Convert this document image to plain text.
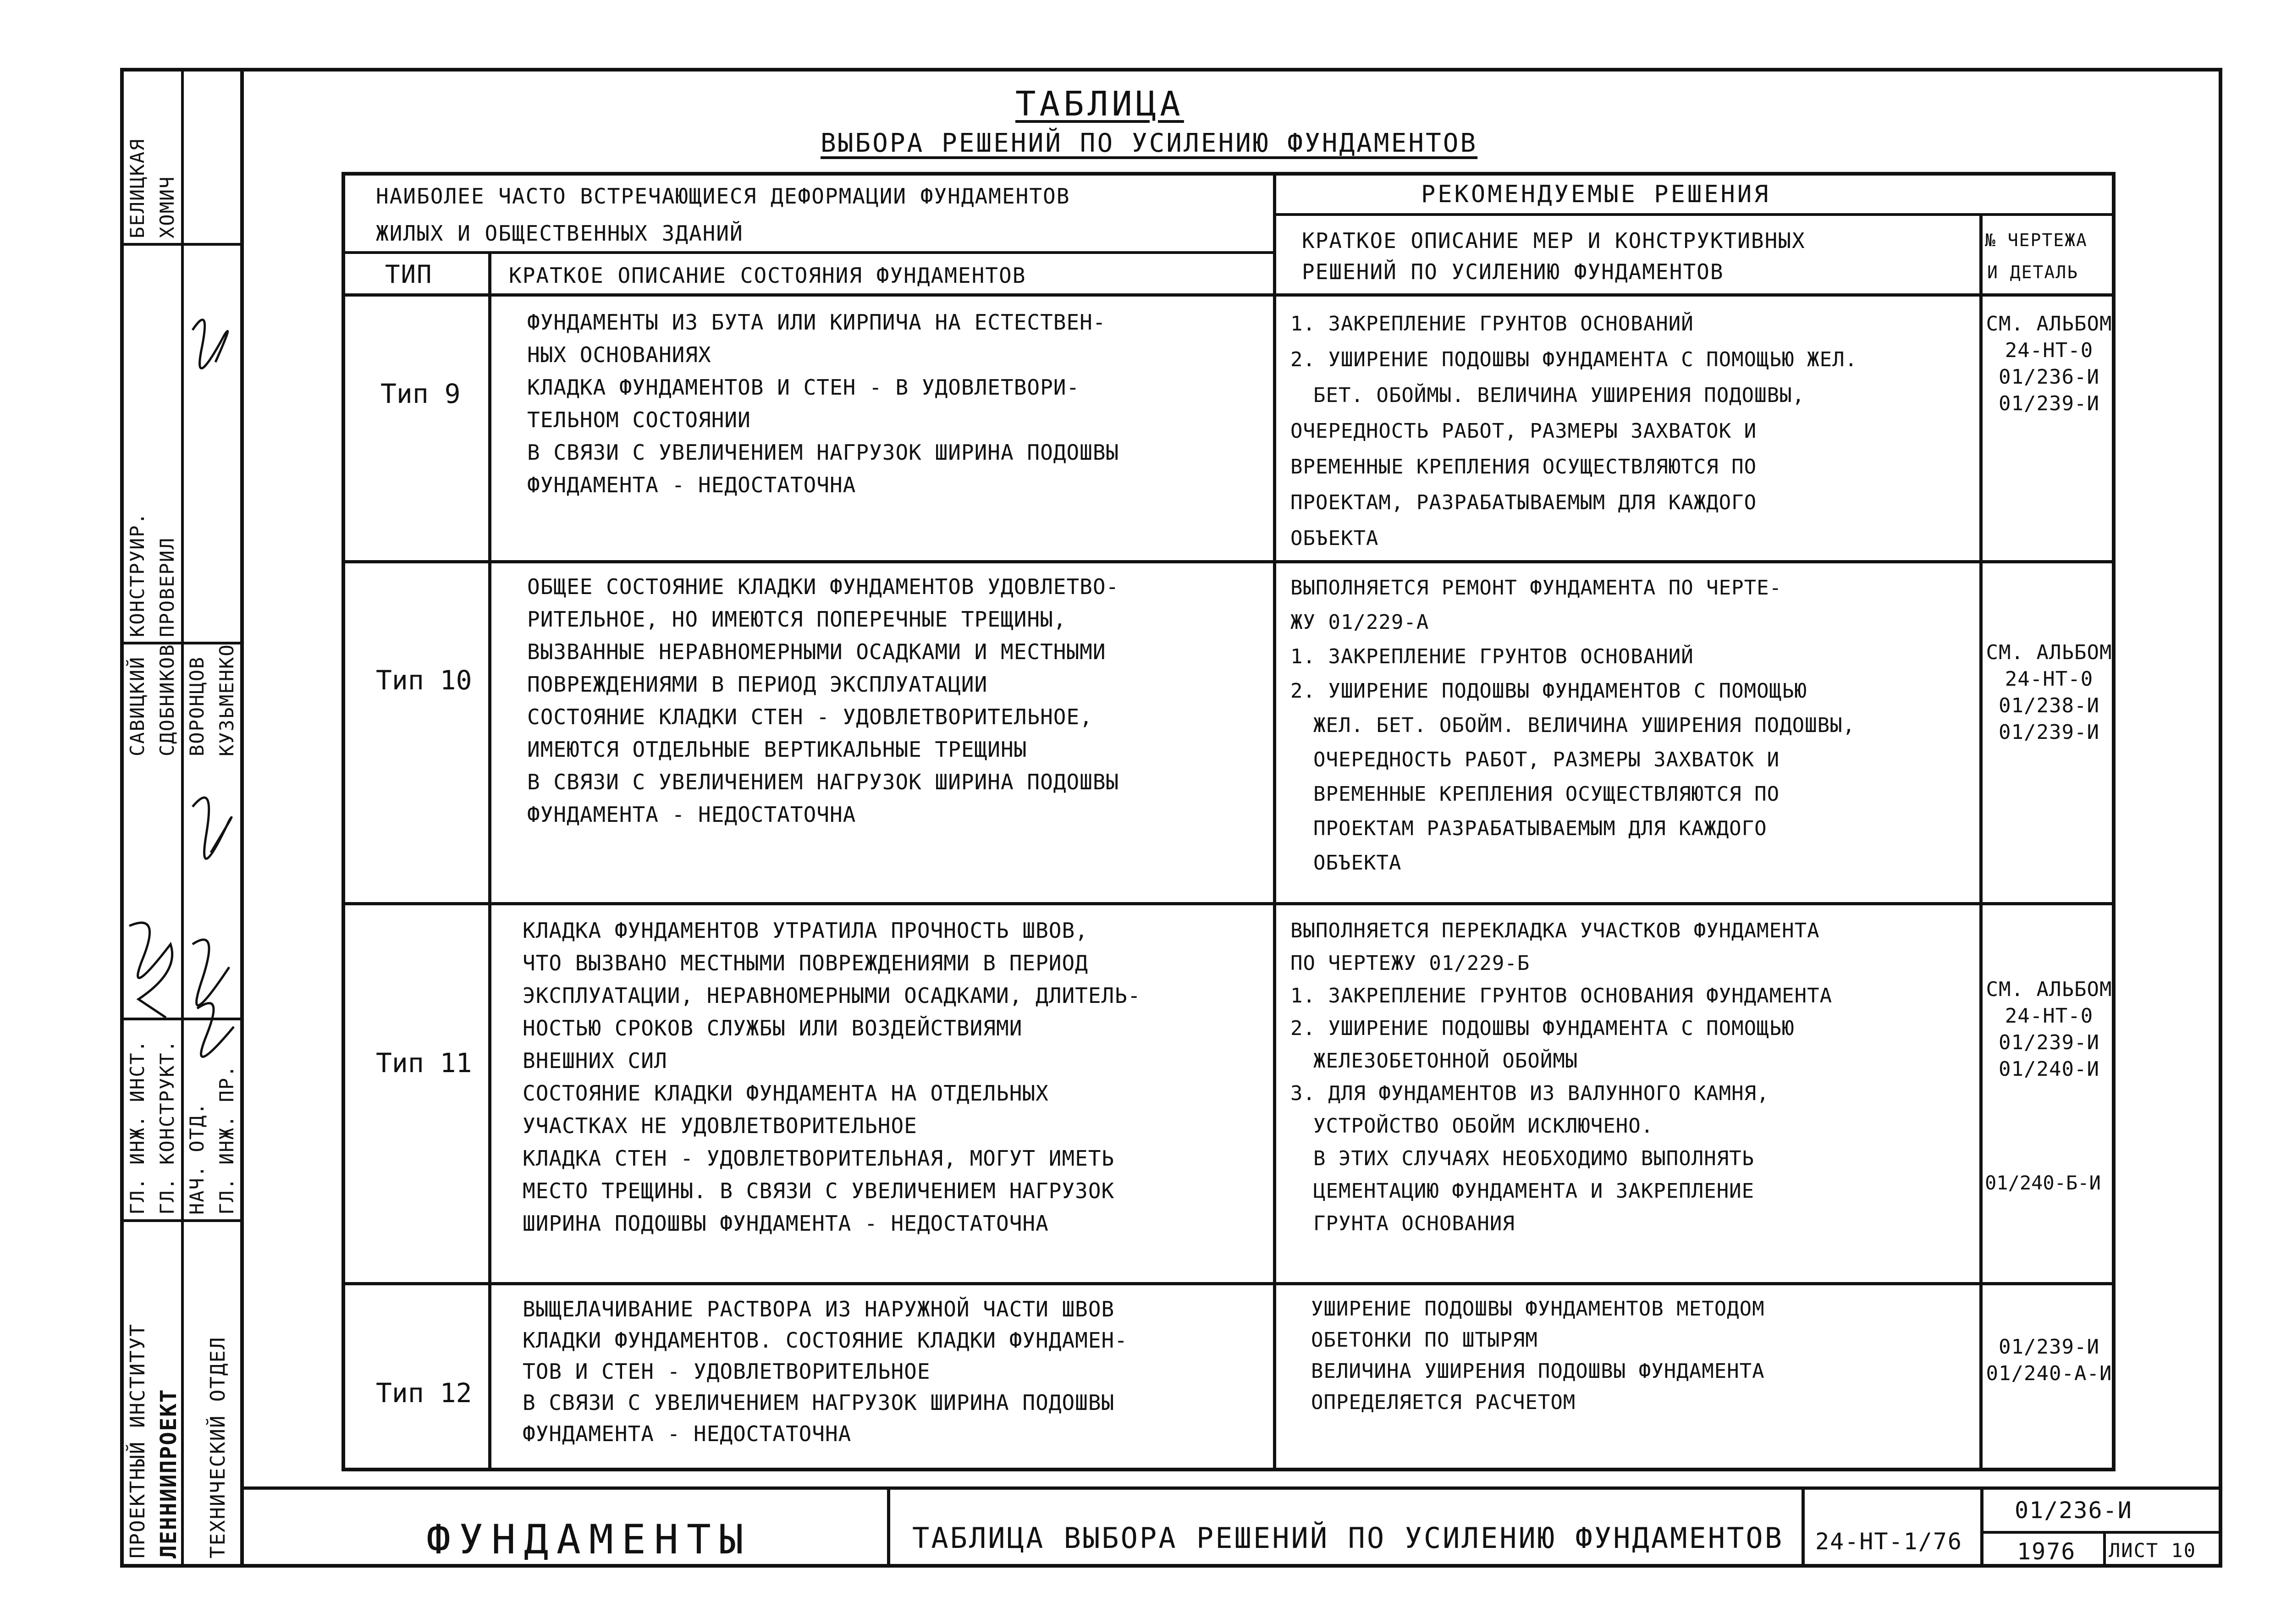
БЕЛИЦКАЯ ХОМИЧ
КОНСТРУИР. ПРОВЕРИЛ
САВИЦКИЙ СДОБНИКОВ ВОРОНЦОВ КУЗЬМЕНКО
ГЛ. ИНЖ. ИНСТ. ГЛ. КОНСТРУКТ. НАЧ. ОТД. ГЛ. ИНЖ. ПР.
ПРОЕКТНЫЙ ИНСТИТУТ ЛЕННИИПРОЕКТ ТЕХНИЧЕСКИЙ ОТДЕЛ
ТАБЛИЦА
ВЫБОРА РЕШЕНИЙ ПО УСИЛЕНИЮ ФУНДАМЕНТОВ
НАИБОЛЕЕ ЧАСТО ВСТРЕЧАЮЩИЕСЯ ДЕФОРМАЦИИ ФУНДАМЕНТОВ
ЖИЛЫХ И ОБЩЕСТВЕННЫХ ЗДАНИЙ
РЕКОМЕНДУЕМЫЕ РЕШЕНИЯ
ТИП	КРАТКОЕ ОПИСАНИЕ СОСТОЯНИЯ ФУНДАМЕНТОВ
КРАТКОЕ ОПИСАНИЕ МЕР И КОНСТРУКТИВНЫХ
РЕШЕНИЙ ПО УСИЛЕНИЮ ФУНДАМЕНТОВ
№ ЧЕРТЕЖА
И ДЕТАЛЬ
Тип 9
ФУНДАМЕНТЫ ИЗ БУТА ИЛИ КИРПИЧА НА ЕСТЕСТВЕН-
НЫХ ОСНОВАНИЯХ
КЛАДКА ФУНДАМЕНТОВ И СТЕН - В УДОВЛЕТВОРИ-
ТЕЛЬНОМ СОСТОЯНИИ
В СВЯЗИ С УВЕЛИЧЕНИЕМ НАГРУЗОК ШИРИНА ПОДОШВЫ
ФУНДАМЕНТА - НЕДОСТАТОЧНА
1. ЗАКРЕПЛЕНИЕ ГРУНТОВ ОСНОВАНИЙ
2. УШИРЕНИЕ ПОДОШВЫ ФУНДАМЕНТА С ПОМОЩЬЮ ЖЕЛ.
БЕТ. ОБОЙМЫ. ВЕЛИЧИНА УШИРЕНИЯ ПОДОШВЫ,
ОЧЕРЕДНОСТЬ РАБОТ, РАЗМЕРЫ ЗАХВАТОК И
ВРЕМЕННЫЕ КРЕПЛЕНИЯ ОСУЩЕСТВЛЯЮТСЯ ПО
ПРОЕКТАМ, РАЗРАБАТЫВАЕМЫМ ДЛЯ КАЖДОГО
ОБЪЕКТА
СМ. АЛЬБОМ
24-НТ-0
01/236-И
01/239-И
Тип 10
ОБЩЕЕ СОСТОЯНИЕ КЛАДКИ ФУНДАМЕНТОВ УДОВЛЕТВО-
РИТЕЛЬНОЕ, НО ИМЕЮТСЯ ПОПЕРЕЧНЫЕ ТРЕЩИНЫ,
ВЫЗВАННЫЕ НЕРАВНОМЕРНЫМИ ОСАДКАМИ И МЕСТНЫМИ
ПОВРЕЖДЕНИЯМИ В ПЕРИОД ЭКСПЛУАТАЦИИ
СОСТОЯНИЕ КЛАДКИ СТЕН - УДОВЛЕТВОРИТЕЛЬНОЕ,
ИМЕЮТСЯ ОТДЕЛЬНЫЕ ВЕРТИКАЛЬНЫЕ ТРЕЩИНЫ
В СВЯЗИ С УВЕЛИЧЕНИЕМ НАГРУЗОК ШИРИНА ПОДОШВЫ
ФУНДАМЕНТА - НЕДОСТАТОЧНА
ВЫПОЛНЯЕТСЯ РЕМОНТ ФУНДАМЕНТА ПО ЧЕРТЕ-
ЖУ 01/229-А
1. ЗАКРЕПЛЕНИЕ ГРУНТОВ ОСНОВАНИЙ
2. УШИРЕНИЕ ПОДОШВЫ ФУНДАМЕНТОВ С ПОМОЩЬЮ
ЖЕЛ. БЕТ. ОБОЙМ. ВЕЛИЧИНА УШИРЕНИЯ ПОДОШВЫ,
ОЧЕРЕДНОСТЬ РАБОТ, РАЗМЕРЫ ЗАХВАТОК И
ВРЕМЕННЫЕ КРЕПЛЕНИЯ ОСУЩЕСТВЛЯЮТСЯ ПО
ПРОЕКТАМ РАЗРАБАТЫВАЕМЫМ ДЛЯ КАЖДОГО
ОБЪЕКТА
СМ. АЛЬБОМ
24-НТ-0
01/238-И
01/239-И
Тип 11
КЛАДКА ФУНДАМЕНТОВ УТРАТИЛА ПРОЧНОСТЬ ШВОВ,
ЧТО ВЫЗВАНО МЕСТНЫМИ ПОВРЕЖДЕНИЯМИ В ПЕРИОД
ЭКСПЛУАТАЦИИ, НЕРАВНОМЕРНЫМИ ОСАДКАМИ, ДЛИТЕЛЬ-
НОСТЬЮ СРОКОВ СЛУЖБЫ ИЛИ ВОЗДЕЙСТВИЯМИ
ВНЕШНИХ СИЛ
СОСТОЯНИЕ КЛАДКИ ФУНДАМЕНТА НА ОТДЕЛЬНЫХ
УЧАСТКАХ НЕ УДОВЛЕТВОРИТЕЛЬНОЕ
КЛАДКА СТЕН - УДОВЛЕТВОРИТЕЛЬНАЯ, МОГУТ ИМЕТЬ
МЕСТО ТРЕЩИНЫ. В СВЯЗИ С УВЕЛИЧЕНИЕМ НАГРУЗОК
ШИРИНА ПОДОШВЫ ФУНДАМЕНТА - НЕДОСТАТОЧНА
ВЫПОЛНЯЕТСЯ ПЕРЕКЛАДКА УЧАСТКОВ ФУНДАМЕНТА
ПО ЧЕРТЕЖУ 01/229-Б
1. ЗАКРЕПЛЕНИЕ ГРУНТОВ ОСНОВАНИЯ ФУНДАМЕНТА
2. УШИРЕНИЕ ПОДОШВЫ ФУНДАМЕНТА С ПОМОЩЬЮ
ЖЕЛЕЗОБЕТОННОЙ ОБОЙМЫ
3. ДЛЯ ФУНДАМЕНТОВ ИЗ ВАЛУННОГО КАМНЯ,
УСТРОЙСТВО ОБОЙМ ИСКЛЮЧЕНО.
В ЭТИХ СЛУЧАЯХ НЕОБХОДИМО ВЫПОЛНЯТЬ
ЦЕМЕНТАЦИЮ ФУНДАМЕНТА И ЗАКРЕПЛЕНИЕ
ГРУНТА ОСНОВАНИЯ
СМ. АЛЬБОМ
24-НТ-0
01/239-И
01/240-И
01/240-Б-И
Тип 12
ВЫЩЕЛАЧИВАНИЕ РАСТВОРА ИЗ НАРУЖНОЙ ЧАСТИ ШВОВ
КЛАДКИ ФУНДАМЕНТОВ. СОСТОЯНИЕ КЛАДКИ ФУНДАМЕН-
ТОВ И СТЕН - УДОВЛЕТВОРИТЕЛЬНОЕ
В СВЯЗИ С УВЕЛИЧЕНИЕМ НАГРУЗОК ШИРИНА ПОДОШВЫ
ФУНДАМЕНТА - НЕДОСТАТОЧНА
УШИРЕНИЕ ПОДОШВЫ ФУНДАМЕНТОВ МЕТОДОМ
ОБЕТОНКИ ПО ШТЫРЯМ
ВЕЛИЧИНА УШИРЕНИЯ ПОДОШВЫ ФУНДАМЕНТА
ОПРЕДЕЛЯЕТСЯ РАСЧЕТОМ
01/239-И
01/240-А-И
ФУНДАМЕНТЫ	ТАБЛИЦА ВЫБОРА РЕШЕНИЙ ПО УСИЛЕНИЮ ФУНДАМЕНТОВ 24-НТ-1/76
01/236-И
1976 ЛИСТ 10
